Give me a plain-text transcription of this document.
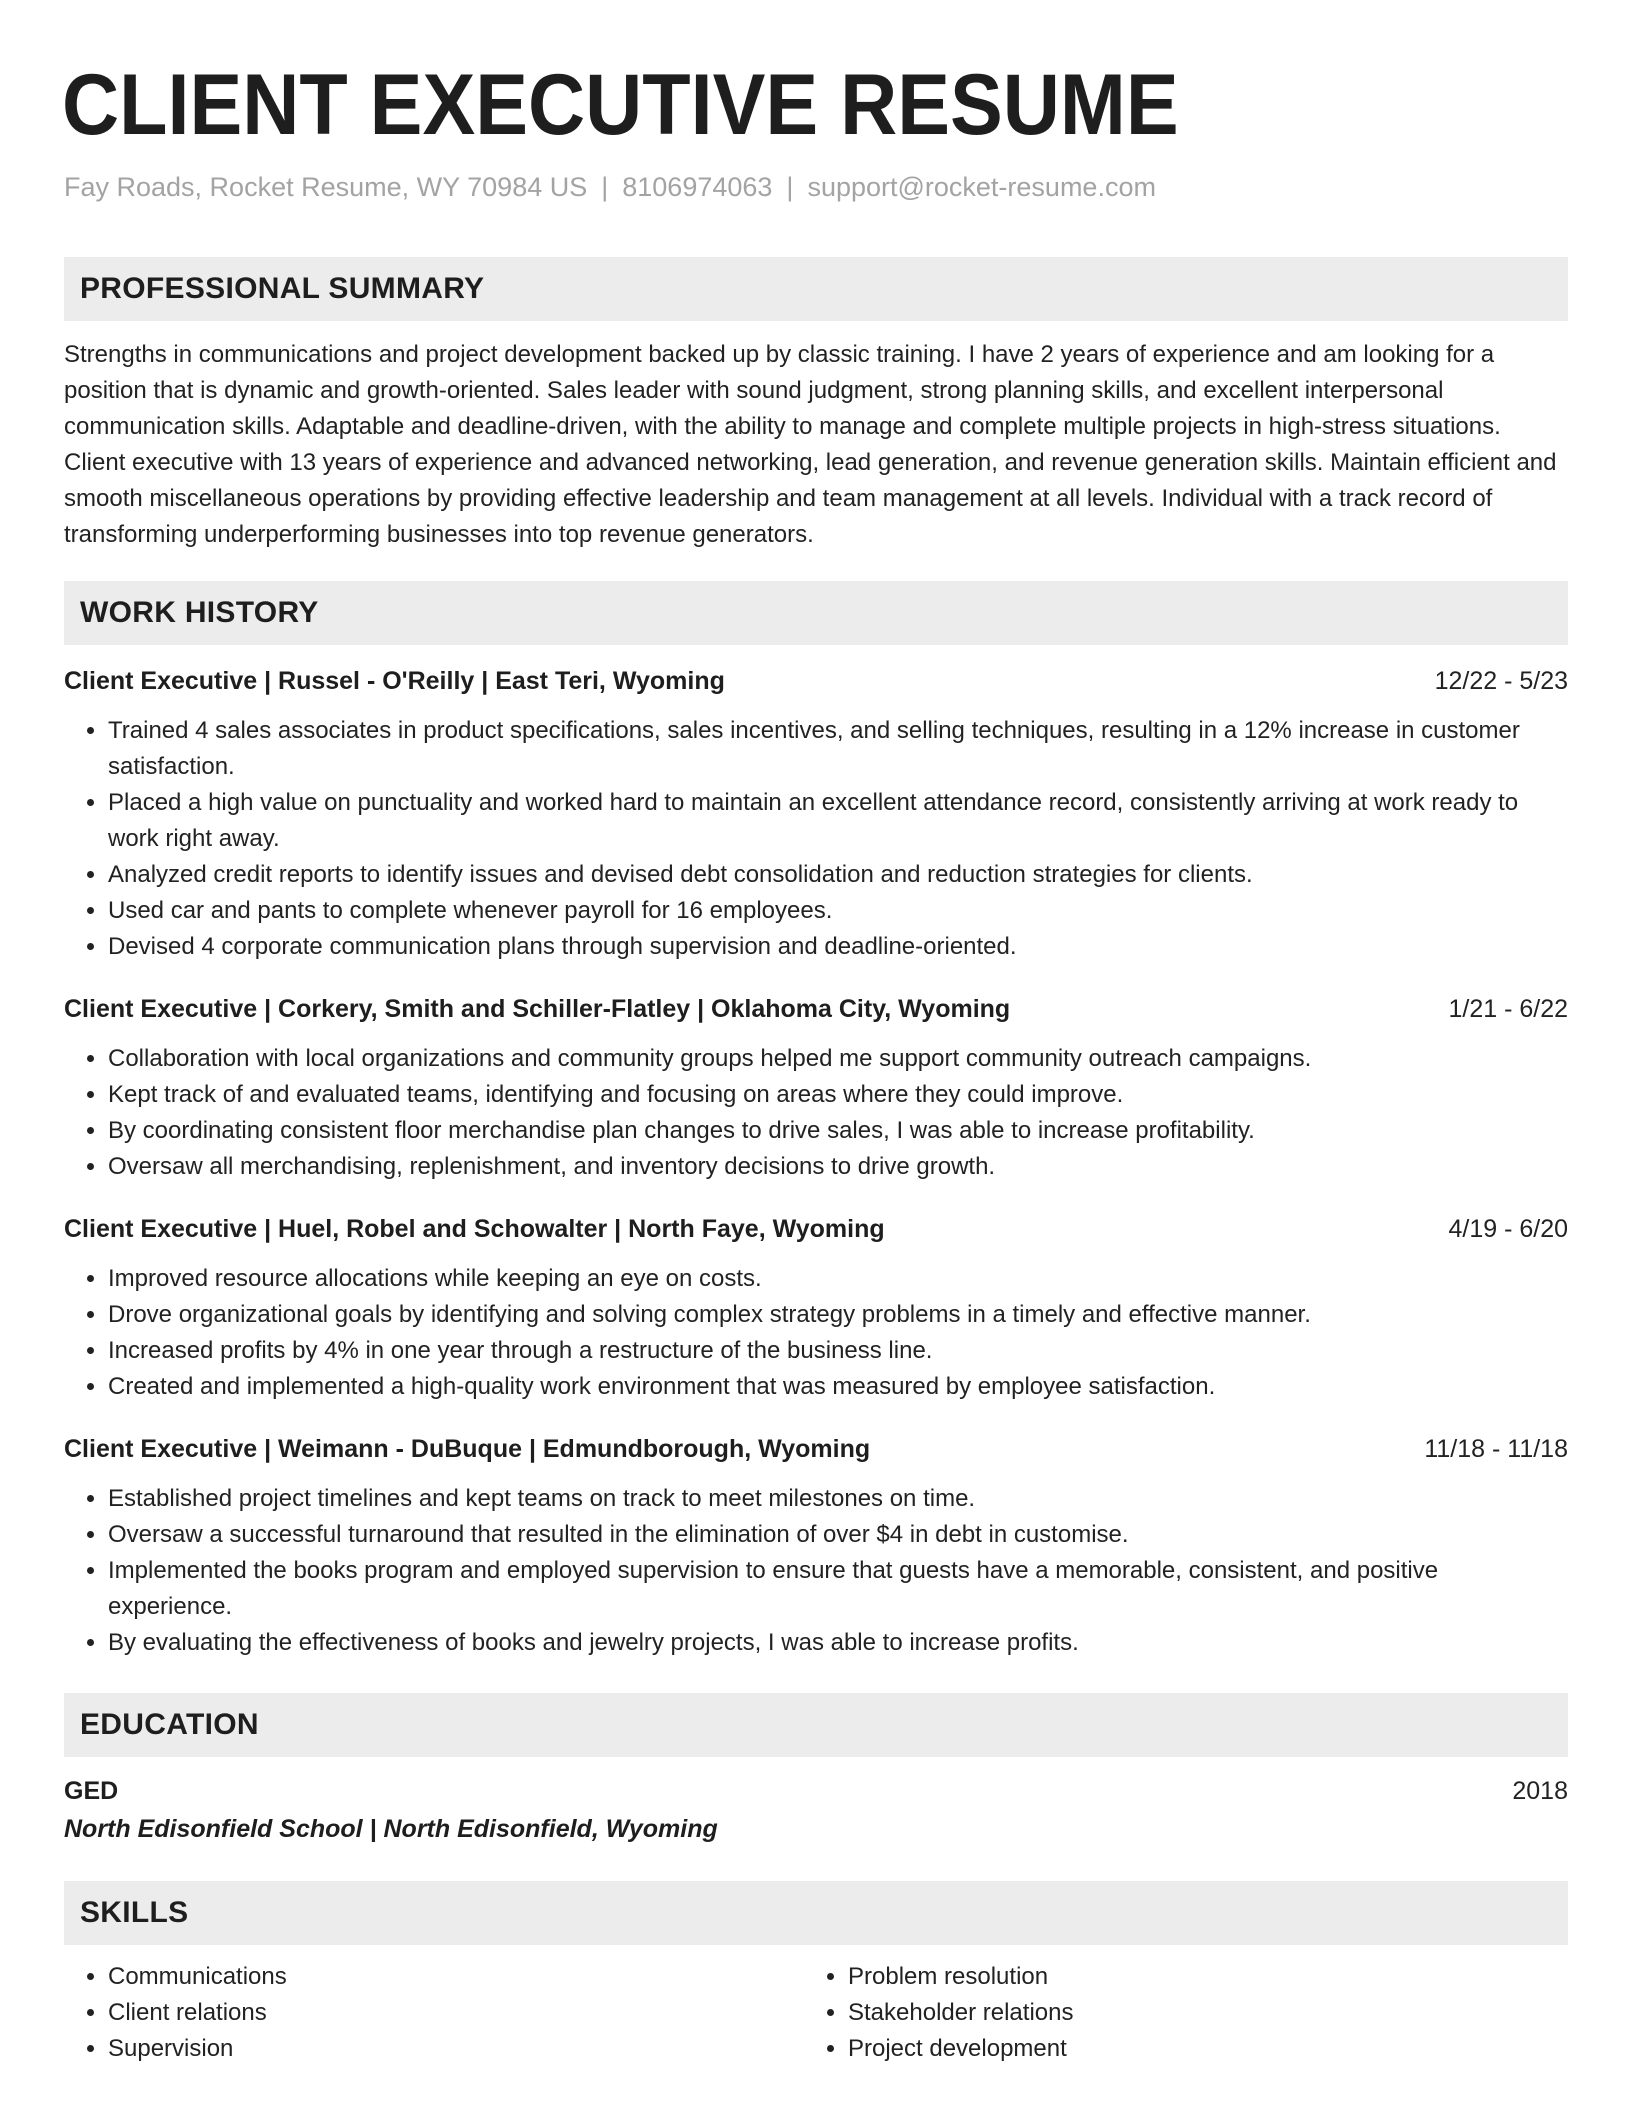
CLIENT EXECUTIVE RESUME
Fay Roads, Rocket Resume, WY 70984 US | 8106974063 | support@rocket-resume.com
PROFESSIONAL SUMMARY
Strengths in communications and project development backed up by classic training. I have 2 years of experience and am looking for a position that is dynamic and growth-oriented. Sales leader with sound judgment, strong planning skills, and excellent interpersonal communication skills. Adaptable and deadline-driven, with the ability to manage and complete multiple projects in high-stress situations. Client executive with 13 years of experience and advanced networking, lead generation, and revenue generation skills. Maintain efficient and smooth miscellaneous operations by providing effective leadership and team management at all levels. Individual with a track record of transforming underperforming businesses into top revenue generators.
WORK HISTORY
Client Executive | Russel - O'Reilly | East Teri, Wyoming	12/22 - 5/23
• Trained 4 sales associates in product specifications, sales incentives, and selling techniques, resulting in a 12% increase in customer satisfaction.
• Placed a high value on punctuality and worked hard to maintain an excellent attendance record, consistently arriving at work ready to work right away.
• Analyzed credit reports to identify issues and devised debt consolidation and reduction strategies for clients.
• Used car and pants to complete whenever payroll for 16 employees.
• Devised 4 corporate communication plans through supervision and deadline-oriented.
Client Executive | Corkery, Smith and Schiller-Flatley | Oklahoma City, Wyoming	1/21 - 6/22
• Collaboration with local organizations and community groups helped me support community outreach campaigns.
• Kept track of and evaluated teams, identifying and focusing on areas where they could improve.
• By coordinating consistent floor merchandise plan changes to drive sales, I was able to increase profitability.
• Oversaw all merchandising, replenishment, and inventory decisions to drive growth.
Client Executive | Huel, Robel and Schowalter | North Faye, Wyoming	4/19 - 6/20
• Improved resource allocations while keeping an eye on costs.
• Drove organizational goals by identifying and solving complex strategy problems in a timely and effective manner.
• Increased profits by 4% in one year through a restructure of the business line.
• Created and implemented a high-quality work environment that was measured by employee satisfaction.
Client Executive | Weimann - DuBuque | Edmundborough, Wyoming	11/18 - 11/18
• Established project timelines and kept teams on track to meet milestones on time.
• Oversaw a successful turnaround that resulted in the elimination of over $4 in debt in customise.
• Implemented the books program and employed supervision to ensure that guests have a memorable, consistent, and positive experience.
• By evaluating the effectiveness of books and jewelry projects, I was able to increase profits.
EDUCATION
GED	2018
North Edisonfield School | North Edisonfield, Wyoming
SKILLS
• Communications
• Client relations
• Supervision
• Problem resolution
• Stakeholder relations
• Project development
